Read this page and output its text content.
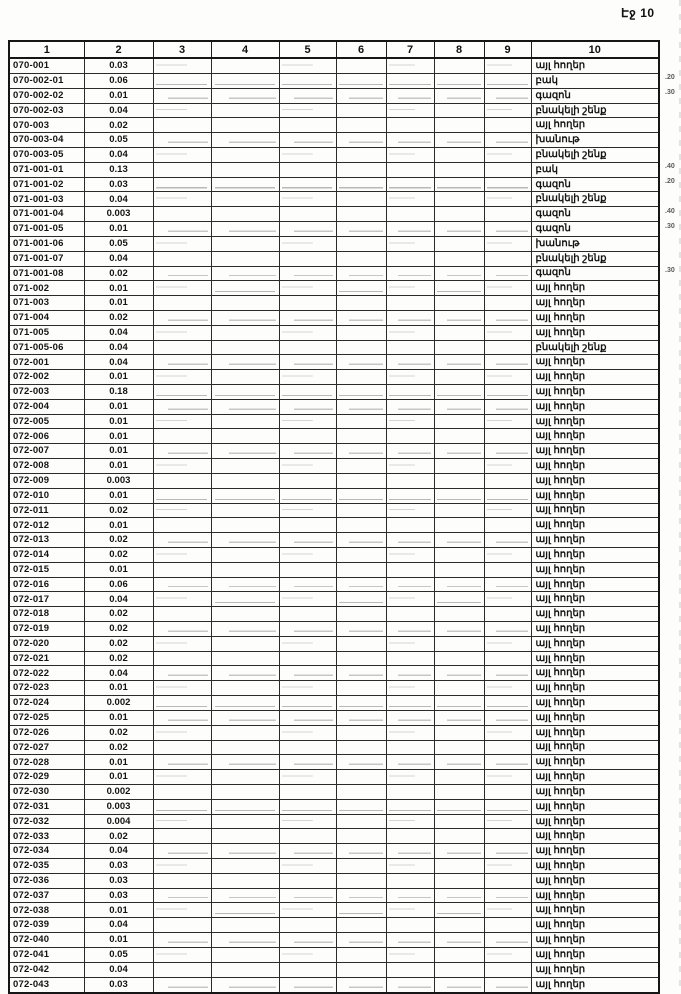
Էջ 10
1	2	3	4	5	6	7	8	9	10
070-001	0.03								այլ հողեր
070-002-01	0.06								բակ
070-002-02	0.01								գազոն
070-002-03	0.04								բնակելի շենք
070-003	0.02								այլ հողեր
070-003-04	0.05								խանութ
070-003-05	0.04								բնակելի շենք
071-001-01	0.13								բակ
071-001-02	0.03								գազոն
071-001-03	0.04								բնակելի շենք
071-001-04	0.003								գազոն
071-001-05	0.01								գազոն
071-001-06	0.05								խանութ
071-001-07	0.04								բնակելի շենք
071-001-08	0.02								գազոն
071-002	0.01								այլ հողեր
071-003	0.01								այլ հողեր
071-004	0.02								այլ հողեր
071-005	0.04								այլ հողեր
071-005-06	0.04								բնակելի շենք
072-001	0.04								այլ հողեր
072-002	0.01								այլ հողեր
072-003	0.18								այլ հողեր
072-004	0.01								այլ հողեր
072-005	0.01								այլ հողեր
072-006	0.01								այլ հողեր
072-007	0.01								այլ հողեր
072-008	0.01								այլ հողեր
072-009	0.003								այլ հողեր
072-010	0.01								այլ հողեր
072-011	0.02								այլ հողեր
072-012	0.01								այլ հողեր
072-013	0.02								այլ հողեր
072-014	0.02								այլ հողեր
072-015	0.01								այլ հողեր
072-016	0.06								այլ հողեր
072-017	0.04								այլ հողեր
072-018	0.02								այլ հողեր
072-019	0.02								այլ հողեր
072-020	0.02								այլ հողեր
072-021	0.02								այլ հողեր
072-022	0.04								այլ հողեր
072-023	0.01								այլ հողեր
072-024	0.002								այլ հողեր
072-025	0.01								այլ հողեր
072-026	0.02								այլ հողեր
072-027	0.02								այլ հողեր
072-028	0.01								այլ հողեր
072-029	0.01								այլ հողեր
072-030	0.002								այլ հողեր
072-031	0.003								այլ հողեր
072-032	0.004								այլ հողեր
072-033	0.02								այլ հողեր
072-034	0.04								այլ հողեր
072-035	0.03								այլ հողեր
072-036	0.03								այլ հողեր
072-037	0.03								այլ հողեր
072-038	0.01								այլ հողեր
072-039	0.04								այլ հողեր
072-040	0.01								այլ հողեր
072-041	0.05								այլ հողեր
072-042	0.04								այլ հողեր
072-043	0.03								այլ հողեր
.20
.30
.40
.20
.40
.30
.30
